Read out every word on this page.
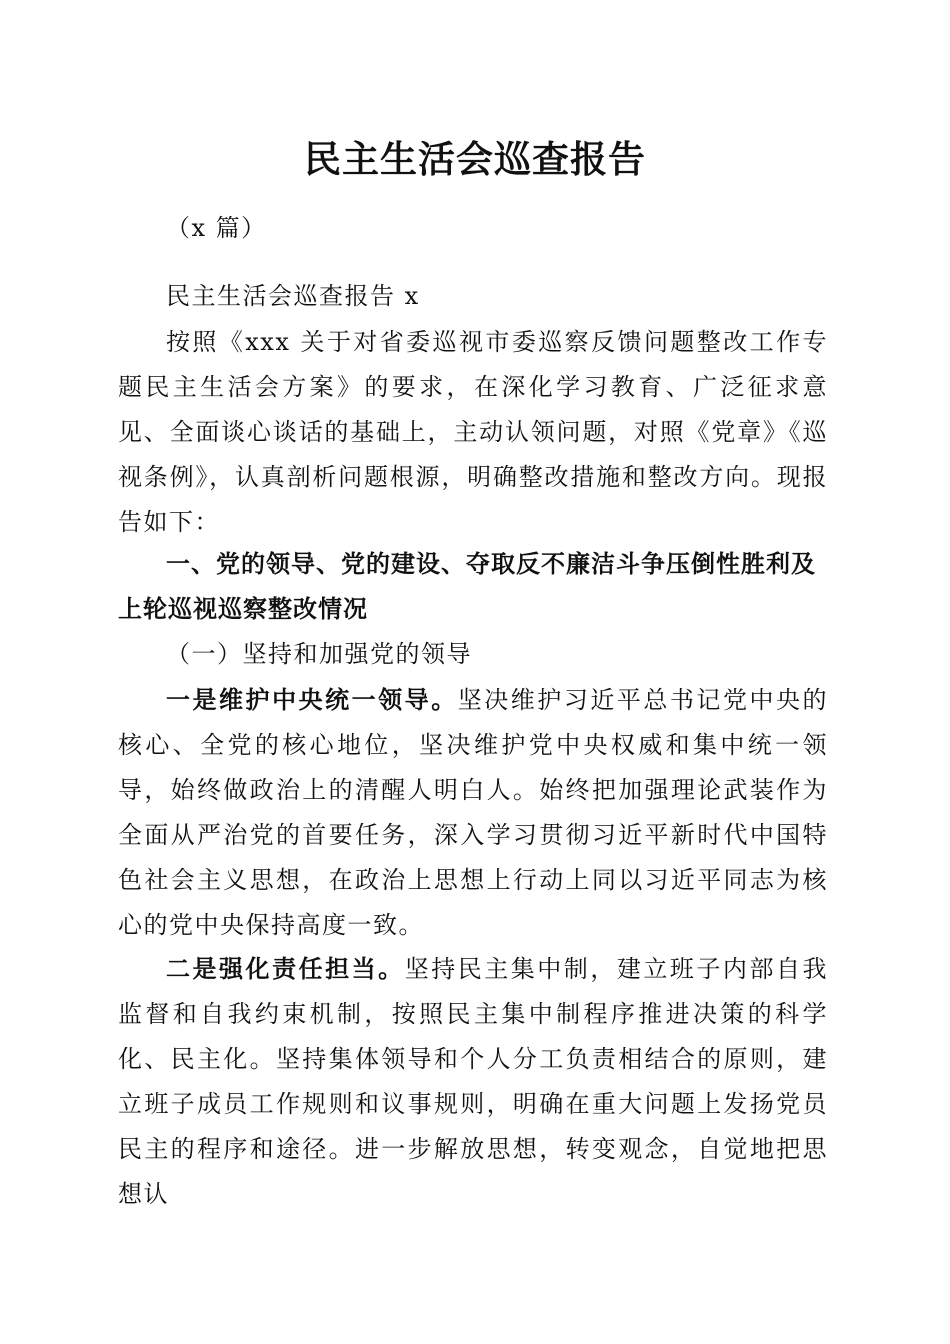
民主生活会巡查报告

（x 篇）

民主生活会巡查报告 x

按照《xxx 关于对省委巡视市委巡察反馈问题整改工作专题民主生活会方案》的要求，在深化学习教育、广泛征求意见、全面谈心谈话的基础上，主动认领问题，对照《党章》《巡视条例》，认真剖析问题根源，明确整改措施和整改方向。现报告如下：

一、党的领导、党的建设、夺取反不廉洁斗争压倒性胜利及上轮巡视巡察整改情况

（一）坚持和加强党的领导

一是维护中央统一领导。坚决维护习近平总书记党中央的核心、全党的核心地位，坚决维护党中央权威和集中统一领导，始终做政治上的清醒人明白人。始终把加强理论武装作为全面从严治党的首要任务，深入学习贯彻习近平新时代中国特色社会主义思想，在政治上思想上行动上同以习近平同志为核心的党中央保持高度一致。

二是强化责任担当。坚持民主集中制，建立班子内部自我监督和自我约束机制，按照民主集中制程序推进决策的科学化、民主化。坚持集体领导和个人分工负责相结合的原则，建立班子成员工作规则和议事规则，明确在重大问题上发扬党员民主的程序和途径。进一步解放思想，转变观念，自觉地把思想认
